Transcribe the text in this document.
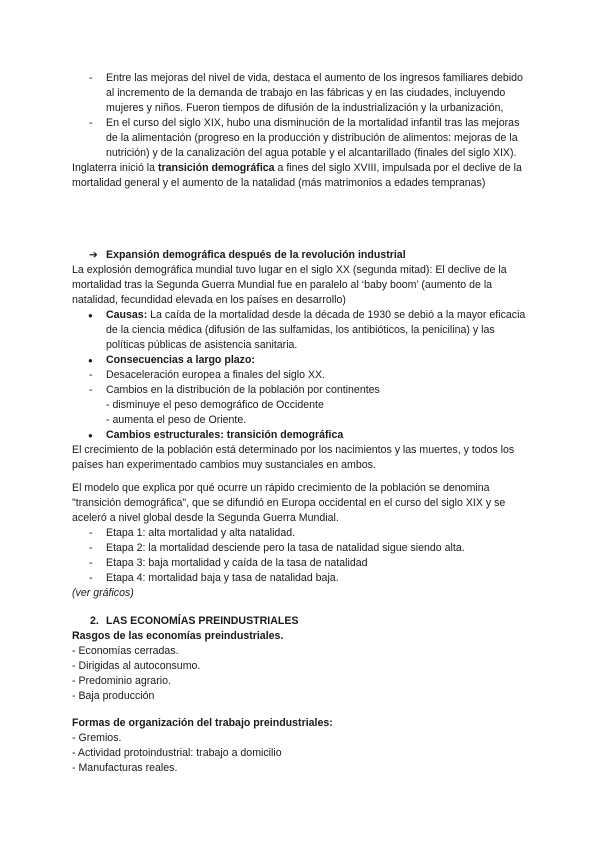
- Entre las mejoras del nivel de vida, destaca el aumento de los ingresos familiares debido al incremento de la demanda de trabajo en las fábricas y en las ciudades, incluyendo mujeres y niños. Fueron tiempos de difusión de la industrialización y la urbanización,

- En el curso del siglo XIX, hubo una disminución de la mortalidad infantil tras las mejoras de la alimentación (progreso en la producción y distribución de alimentos: mejoras de la nutrición) y de la canalización del agua potable y el alcantarillado (finales del siglo XIX).

Inglaterra inició la transición demográfica a fines del siglo XVIII, impulsada por el declive de la mortalidad general y el aumento de la natalidad (más matrimonios a edades tempranas)

➔ Expansión demográfica después de la revolución industrial

La explosión demográfica mundial tuvo lugar en el siglo XX (segunda mitad): El declive de la mortalidad tras la Segunda Guerra Mundial fue en paralelo al ‘baby boom’ (aumento de la natalidad, fecundidad elevada en los países en desarrollo)

● Causas: La caída de la mortalidad desde la década de 1930 se debió a la mayor eficacia de la ciencia médica (difusión de las sulfamidas, los antibióticos, la penicilina) y las políticas públicas de asistencia sanitaria.

● Consecuencias a largo plazo:

- Desaceleración europea a finales del siglo XX.

- Cambios en la distribución de la población por continentes

- disminuye el peso demográfico de Occidente

- aumenta el peso de Oriente.

● Cambios estructurales: transición demográfica

El crecimiento de la población está determinado por los nacimientos y las muertes, y todos los países han experimentado cambios muy sustanciales en ambos.

El modelo que explica por qué ocurre un rápido crecimiento de la población se denomina "transición demográfica", que se difundió en Europa occidental en el curso del siglo XIX y se aceleró a nivel global desde la Segunda Guerra Mundial.

- Etapa 1: alta mortalidad y alta natalidad.

- Etapa 2: la mortalidad desciende pero la tasa de natalidad sigue siendo alta.

- Etapa 3: baja mortalidad y caída de la tasa de natalidad

- Etapa 4: mortalidad baja y tasa de natalidad baja.

(ver gráficos)

2. LAS ECONOMÍAS PREINDUSTRIALES

Rasgos de las economías preindustriales.

- Economías cerradas.

- Dirigidas al autoconsumo.

- Predominio agrario.

- Baja producción

Formas de organización del trabajo preindustriales:

- Gremios.

- Actividad protoindustrial: trabajo a domicilio

- Manufacturas reales.
